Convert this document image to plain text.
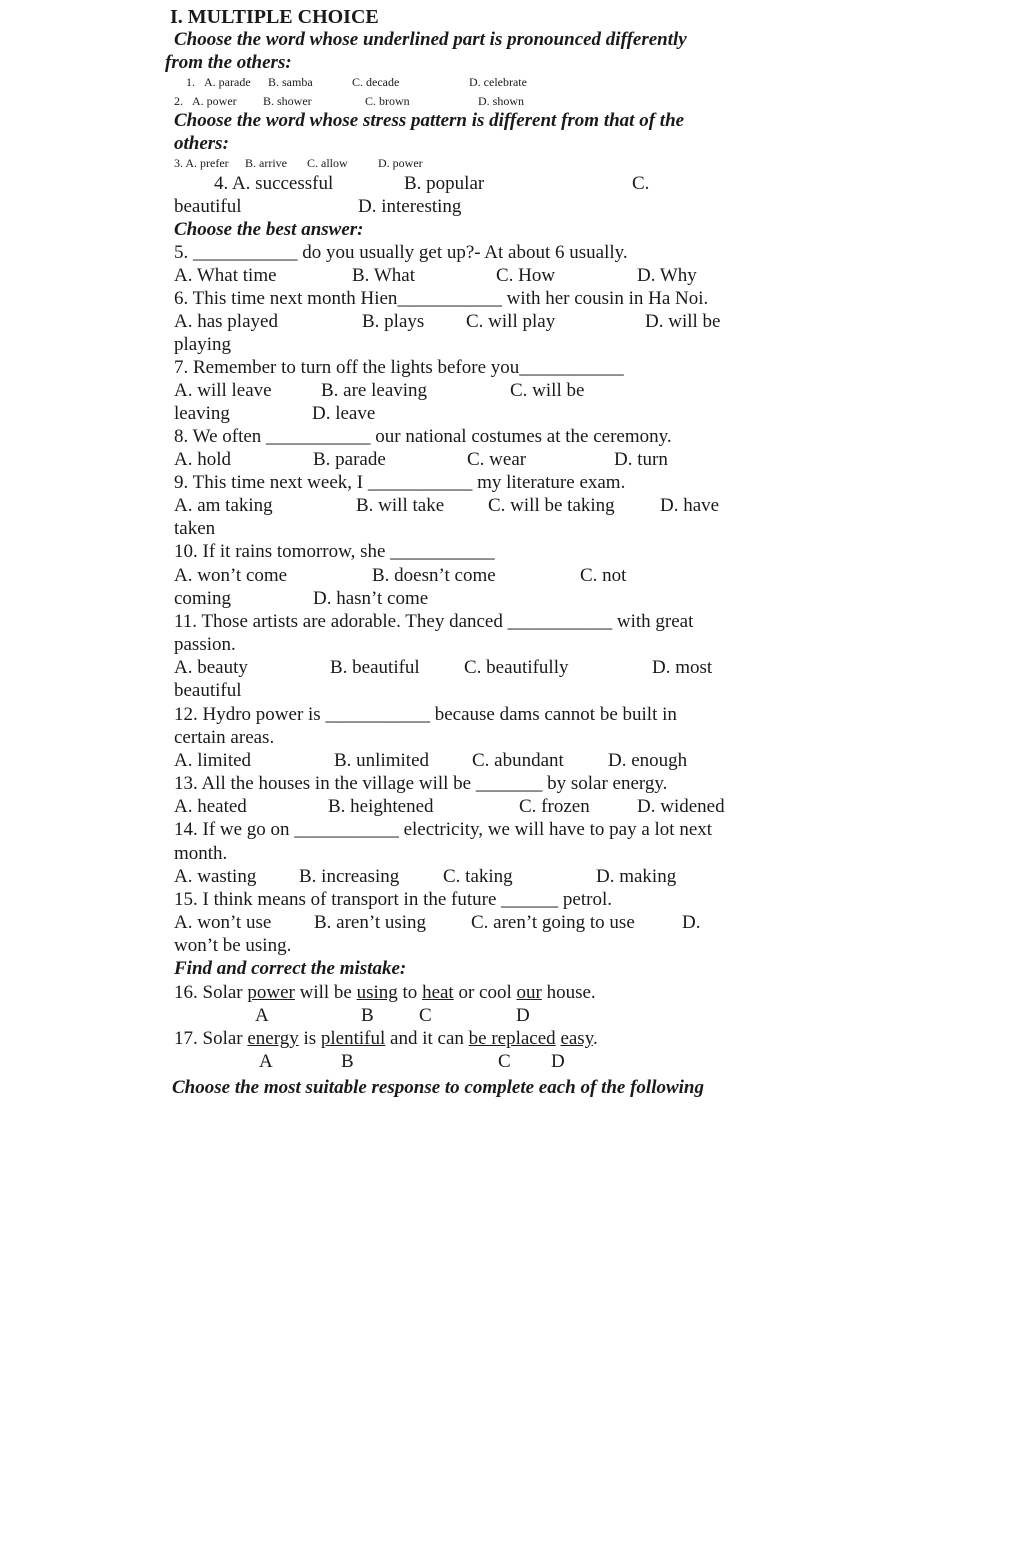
I. MULTIPLE CHOICE
Choose the word whose underlined part is pronounced differently
from the others:
1. A. parade B. samba	C. decade	D. celebrate
2. A. power B. shower	C. brown	D. shown
Choose the word whose stress pattern is different from that of the
others:
3. A. prefer B. arrive C. allow	D. power
4. A. successful	B. popular	C.
beautiful	D. interesting
Choose the best answer:
5. ___________ do you usually get up?- At about 6 usually.
A. What time	B. What	C. How	D. Why
6. This time next month Hien___________ with her cousin in Ha Noi.
A. has played	B. plays C. will play	D. will be
playing
7. Remember to turn off the lights before you___________
A. will leave	B. are leaving	C. will be
leaving	D. leave
8. We often ___________ our national costumes at the ceremony.
A. hold	B. parade	C. wear	D. turn
9. This time next week, I ___________ my literature exam.
A. am taking	B. will take C. will be taking D. have
taken
10. If it rains tomorrow, she ___________
A. won’t come	B. doesn’t come	C. not
coming	D. hasn’t come
11. Those artists are adorable. They danced ___________ with great
passion.
A. beauty	B. beautiful C. beautifully	D. most
beautiful
12. Hydro power is ___________ because dams cannot be built in
certain areas.
A. limited	B. unlimited C. abundant D. enough
13. All the houses in the village will be _______ by solar energy.
A. heated	B. heightened	C. frozen D. widened
14. If we go on ___________ electricity, we will have to pay a lot next
month.
A. wasting B. increasing C. taking	D. making
15. I think means of transport in the future ______ petrol.
A. won’t use B. aren’t using C. aren’t going to use D.
won’t be using.
Find and correct the mistake:
16. Solar power will be using to heat or cool our house.
A	B C	D
17. Solar energy is plentiful and it can be replaced easy.
A	B	C D
Choose the most suitable response to complete each of the following
